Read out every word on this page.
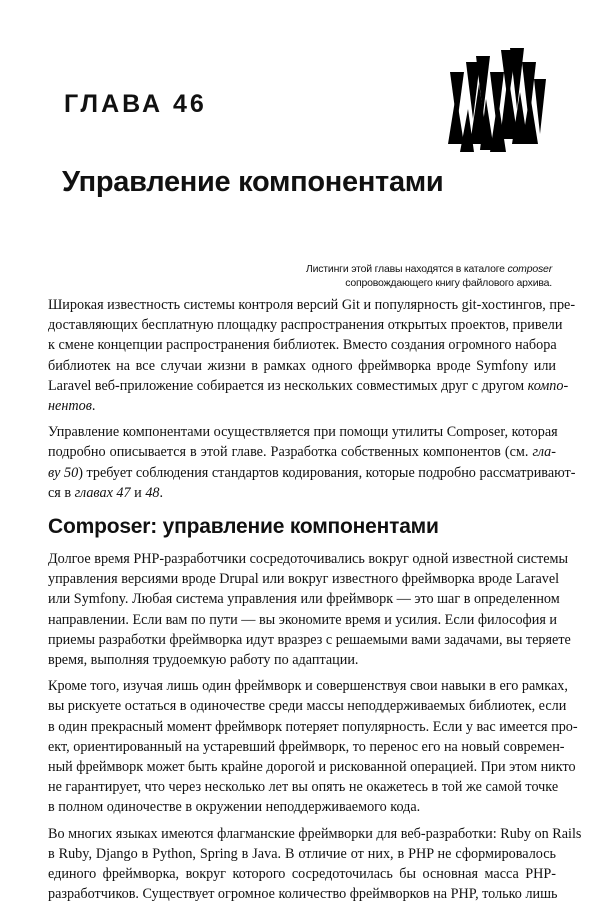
ГЛАВА 46
Управление компонентами
Листинги этой главы находятся в каталоге composer
сопровождающего книгу файлового архива.
Широкая известность системы контроля версий Git и популярность git-хостингов, пре-
доставляющих бесплатную площадку распространения открытых проектов, привели
к смене концепции распространения библиотек. Вместо создания огромного набора
библиотек на все случаи жизни в рамках одного фреймворка вроде Symfony или
Laravel веб-приложение собирается из нескольких совместимых друг с другом компо-
нентов.
Управление компонентами осуществляется при помощи утилиты Composer, которая
подробно описывается в этой главе. Разработка собственных компонентов (см. гла-
ву 50) требует соблюдения стандартов кодирования, которые подробно рассматривают-
ся в главах 47 и 48.
Composer: управление компонентами
Долгое время PHP-разработчики сосредоточивались вокруг одной известной системы
управления версиями вроде Drupal или вокруг известного фреймворка вроде Laravel
или Symfony. Любая система управления или фреймворк — это шаг в определенном
направлении. Если вам по пути — вы экономите время и усилия. Если философия и
приемы разработки фреймворка идут вразрез с решаемыми вами задачами, вы теряете
время, выполняя трудоемкую работу по адаптации.
Кроме того, изучая лишь один фреймворк и совершенствуя свои навыки в его рамках,
вы рискуете остаться в одиночестве среди массы неподдерживаемых библиотек, если
в один прекрасный момент фреймворк потеряет популярность. Если у вас имеется про-
ект, ориентированный на устаревший фреймворк, то перенос его на новый современ-
ный фреймворк может быть крайне дорогой и рискованной операцией. При этом никто
не гарантирует, что через несколько лет вы опять не окажетесь в той же самой точке
в полном одиночестве в окружении неподдерживаемого кода.
Во многих языках имеются флагманские фреймворки для веб-разработки: Ruby on Rails
в Ruby, Django в Python, Spring в Java. В отличие от них, в PHP не сформировалось
единого фреймворка, вокруг которого сосредоточилась бы основная масса PHP-
разработчиков. Существует огромное количество фреймворков на PHP, только лишь
